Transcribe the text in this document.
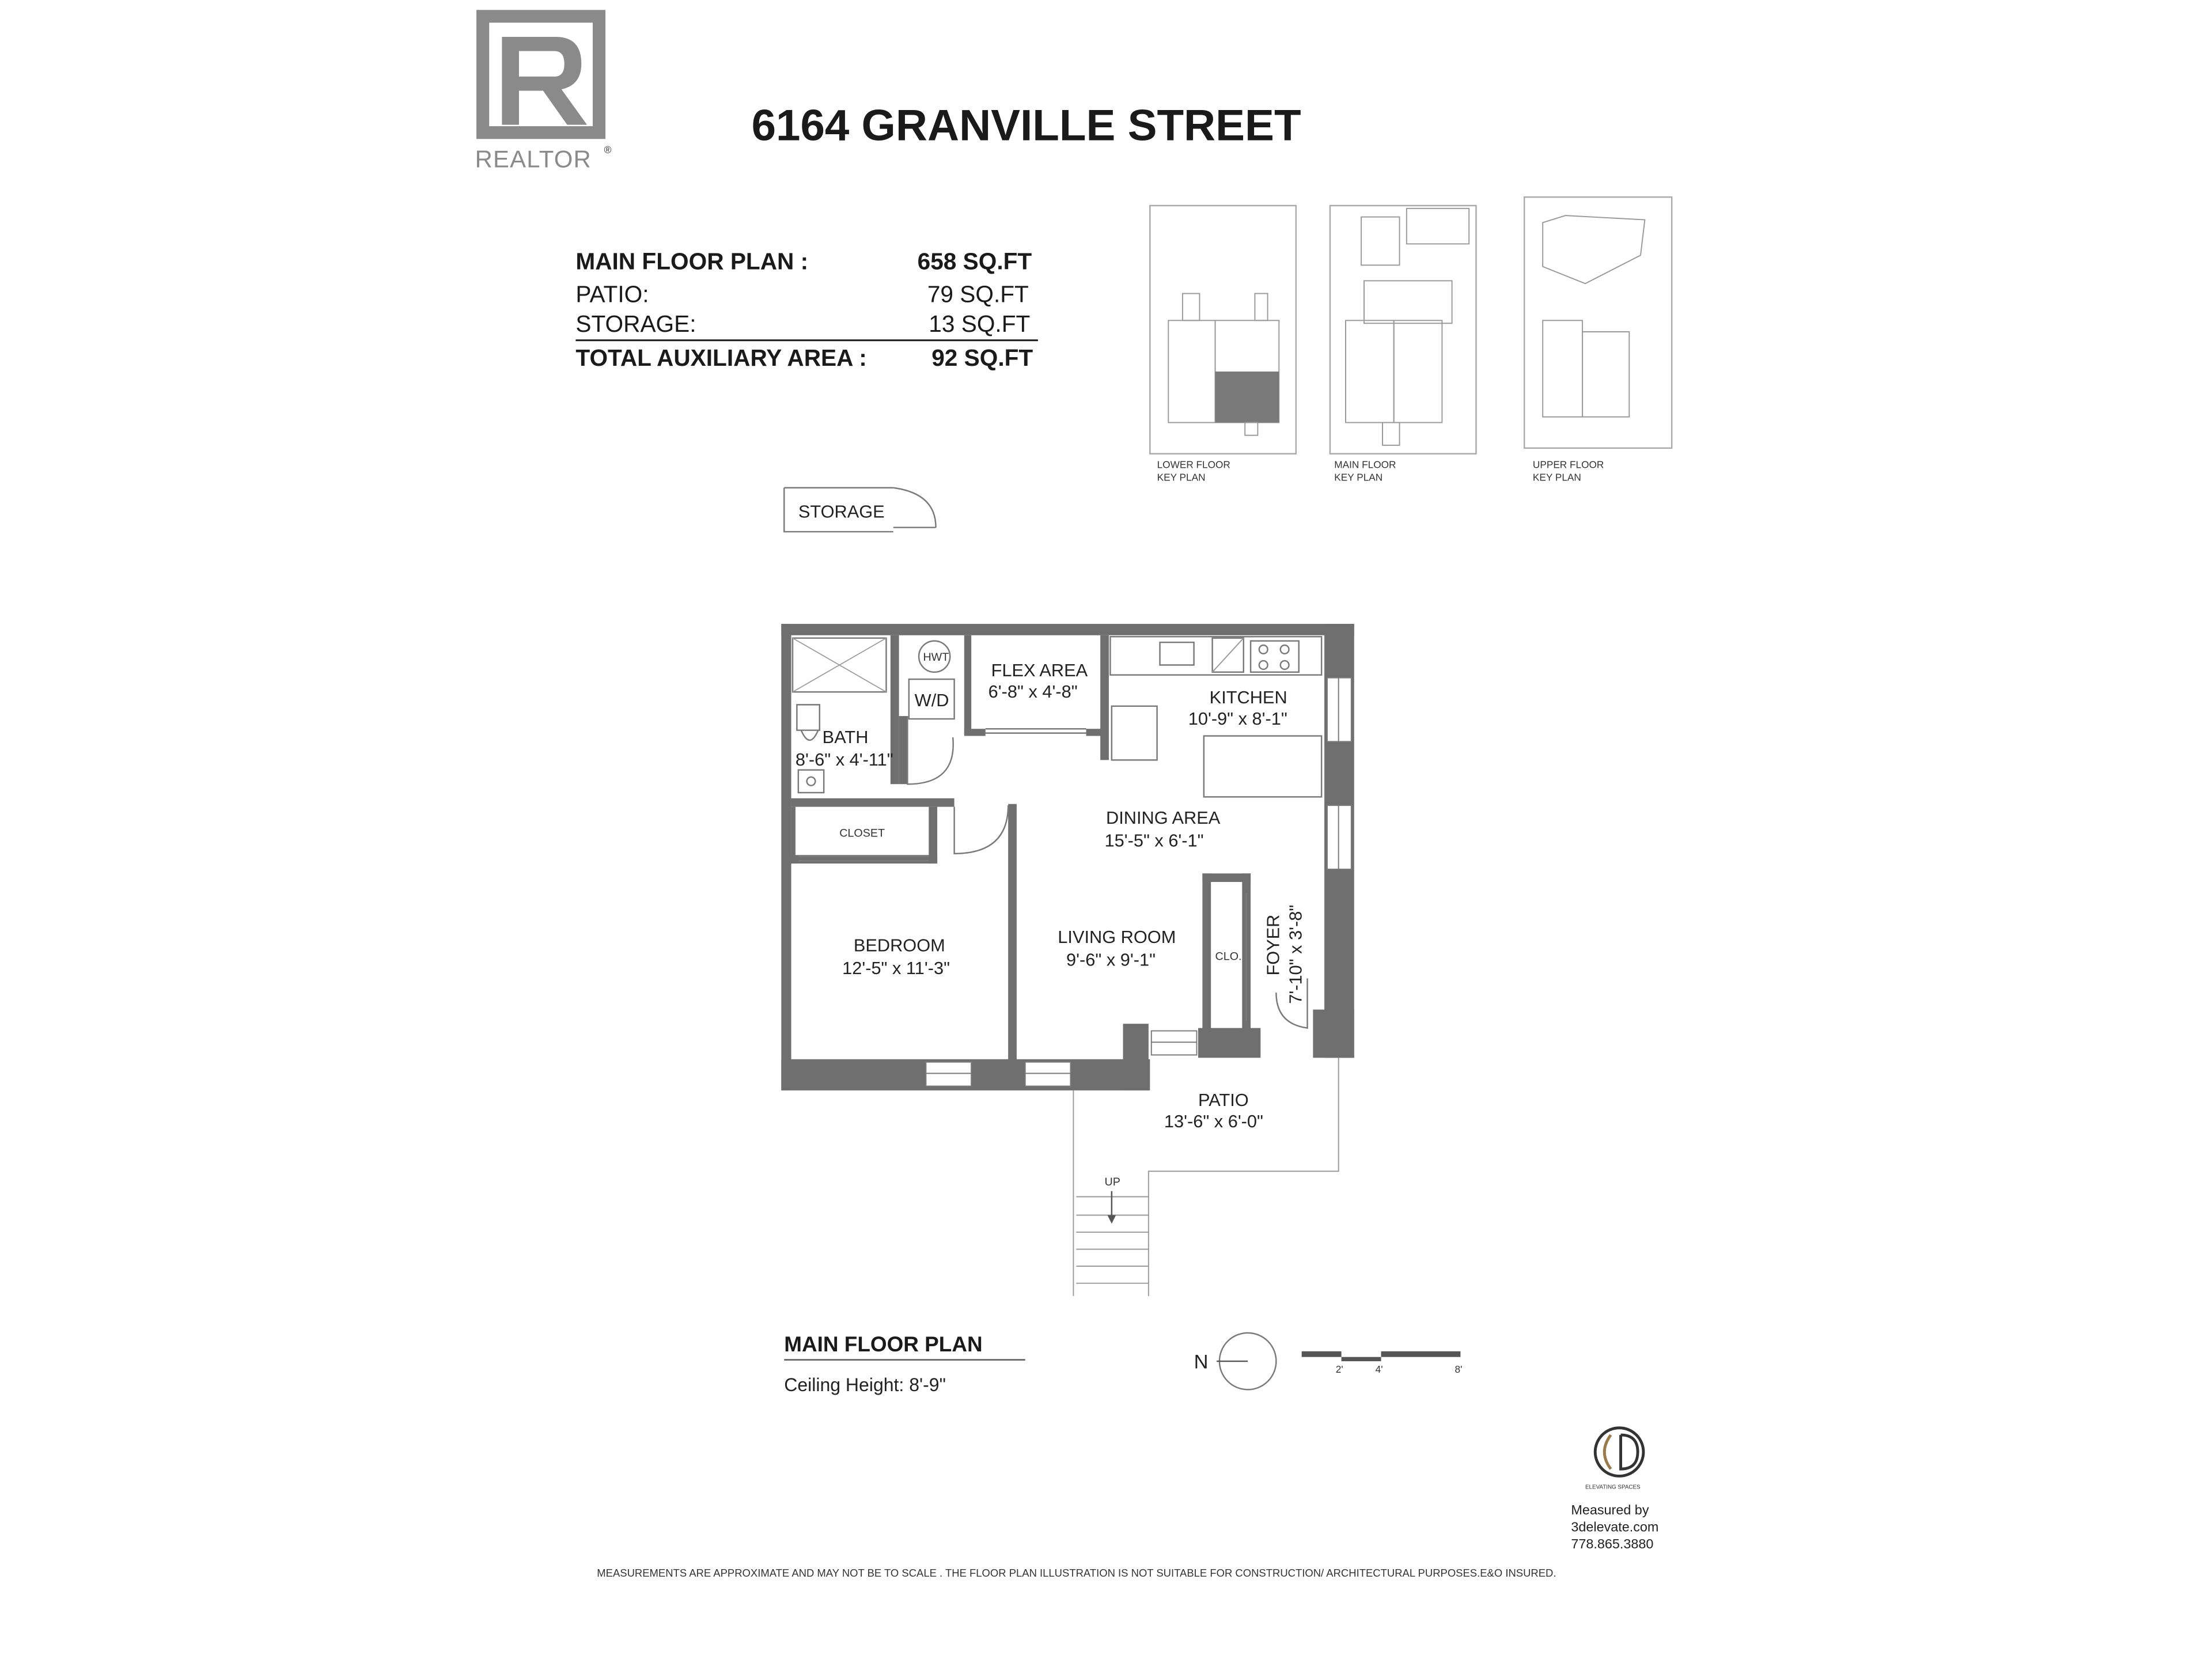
REALTOR	®	6164 GRANVILLE STREET
MAIN FLOOR PLAN :	658 SQ.FT
PATIO:	79 SQ.FT
STORAGE:	13 SQ.FT
TOTAL AUXILIARY AREA :	92 SQ.FT
LOWER FLOOR
KEY PLAN
MAIN FLOOR
KEY PLAN
UPPER FLOOR
KEY PLAN
STORAGE
HWT
W/D
BATH
8'-6" x 4'-11"
FLEX AREA
6'-8" x 4'-8"	KITCHEN
10'-9" x 8'-1"
CLOSET
DINING AREA
15'-5" x 6'-1"
BEDROOM
12'-5" x 11'-3"
LIVING ROOM
9'-6" x 9'-1"	CLO.	FOYER 7'-10" x 3'-8"
PATIO
13'-6" x 6'-0"
UP
MAIN FLOOR PLAN
Ceiling Height: 8'-9"
N	2'	4'	8'
ELEVATING SPACES
Measured by
3delevate.com
778.865.3880
MEASUREMENTS ARE APPROXIMATE AND MAY NOT BE TO SCALE . THE FLOOR PLAN ILLUSTRATION IS NOT SUITABLE FOR CONSTRUCTION/ ARCHITECTURAL PURPOSES.E&O INSURED.
